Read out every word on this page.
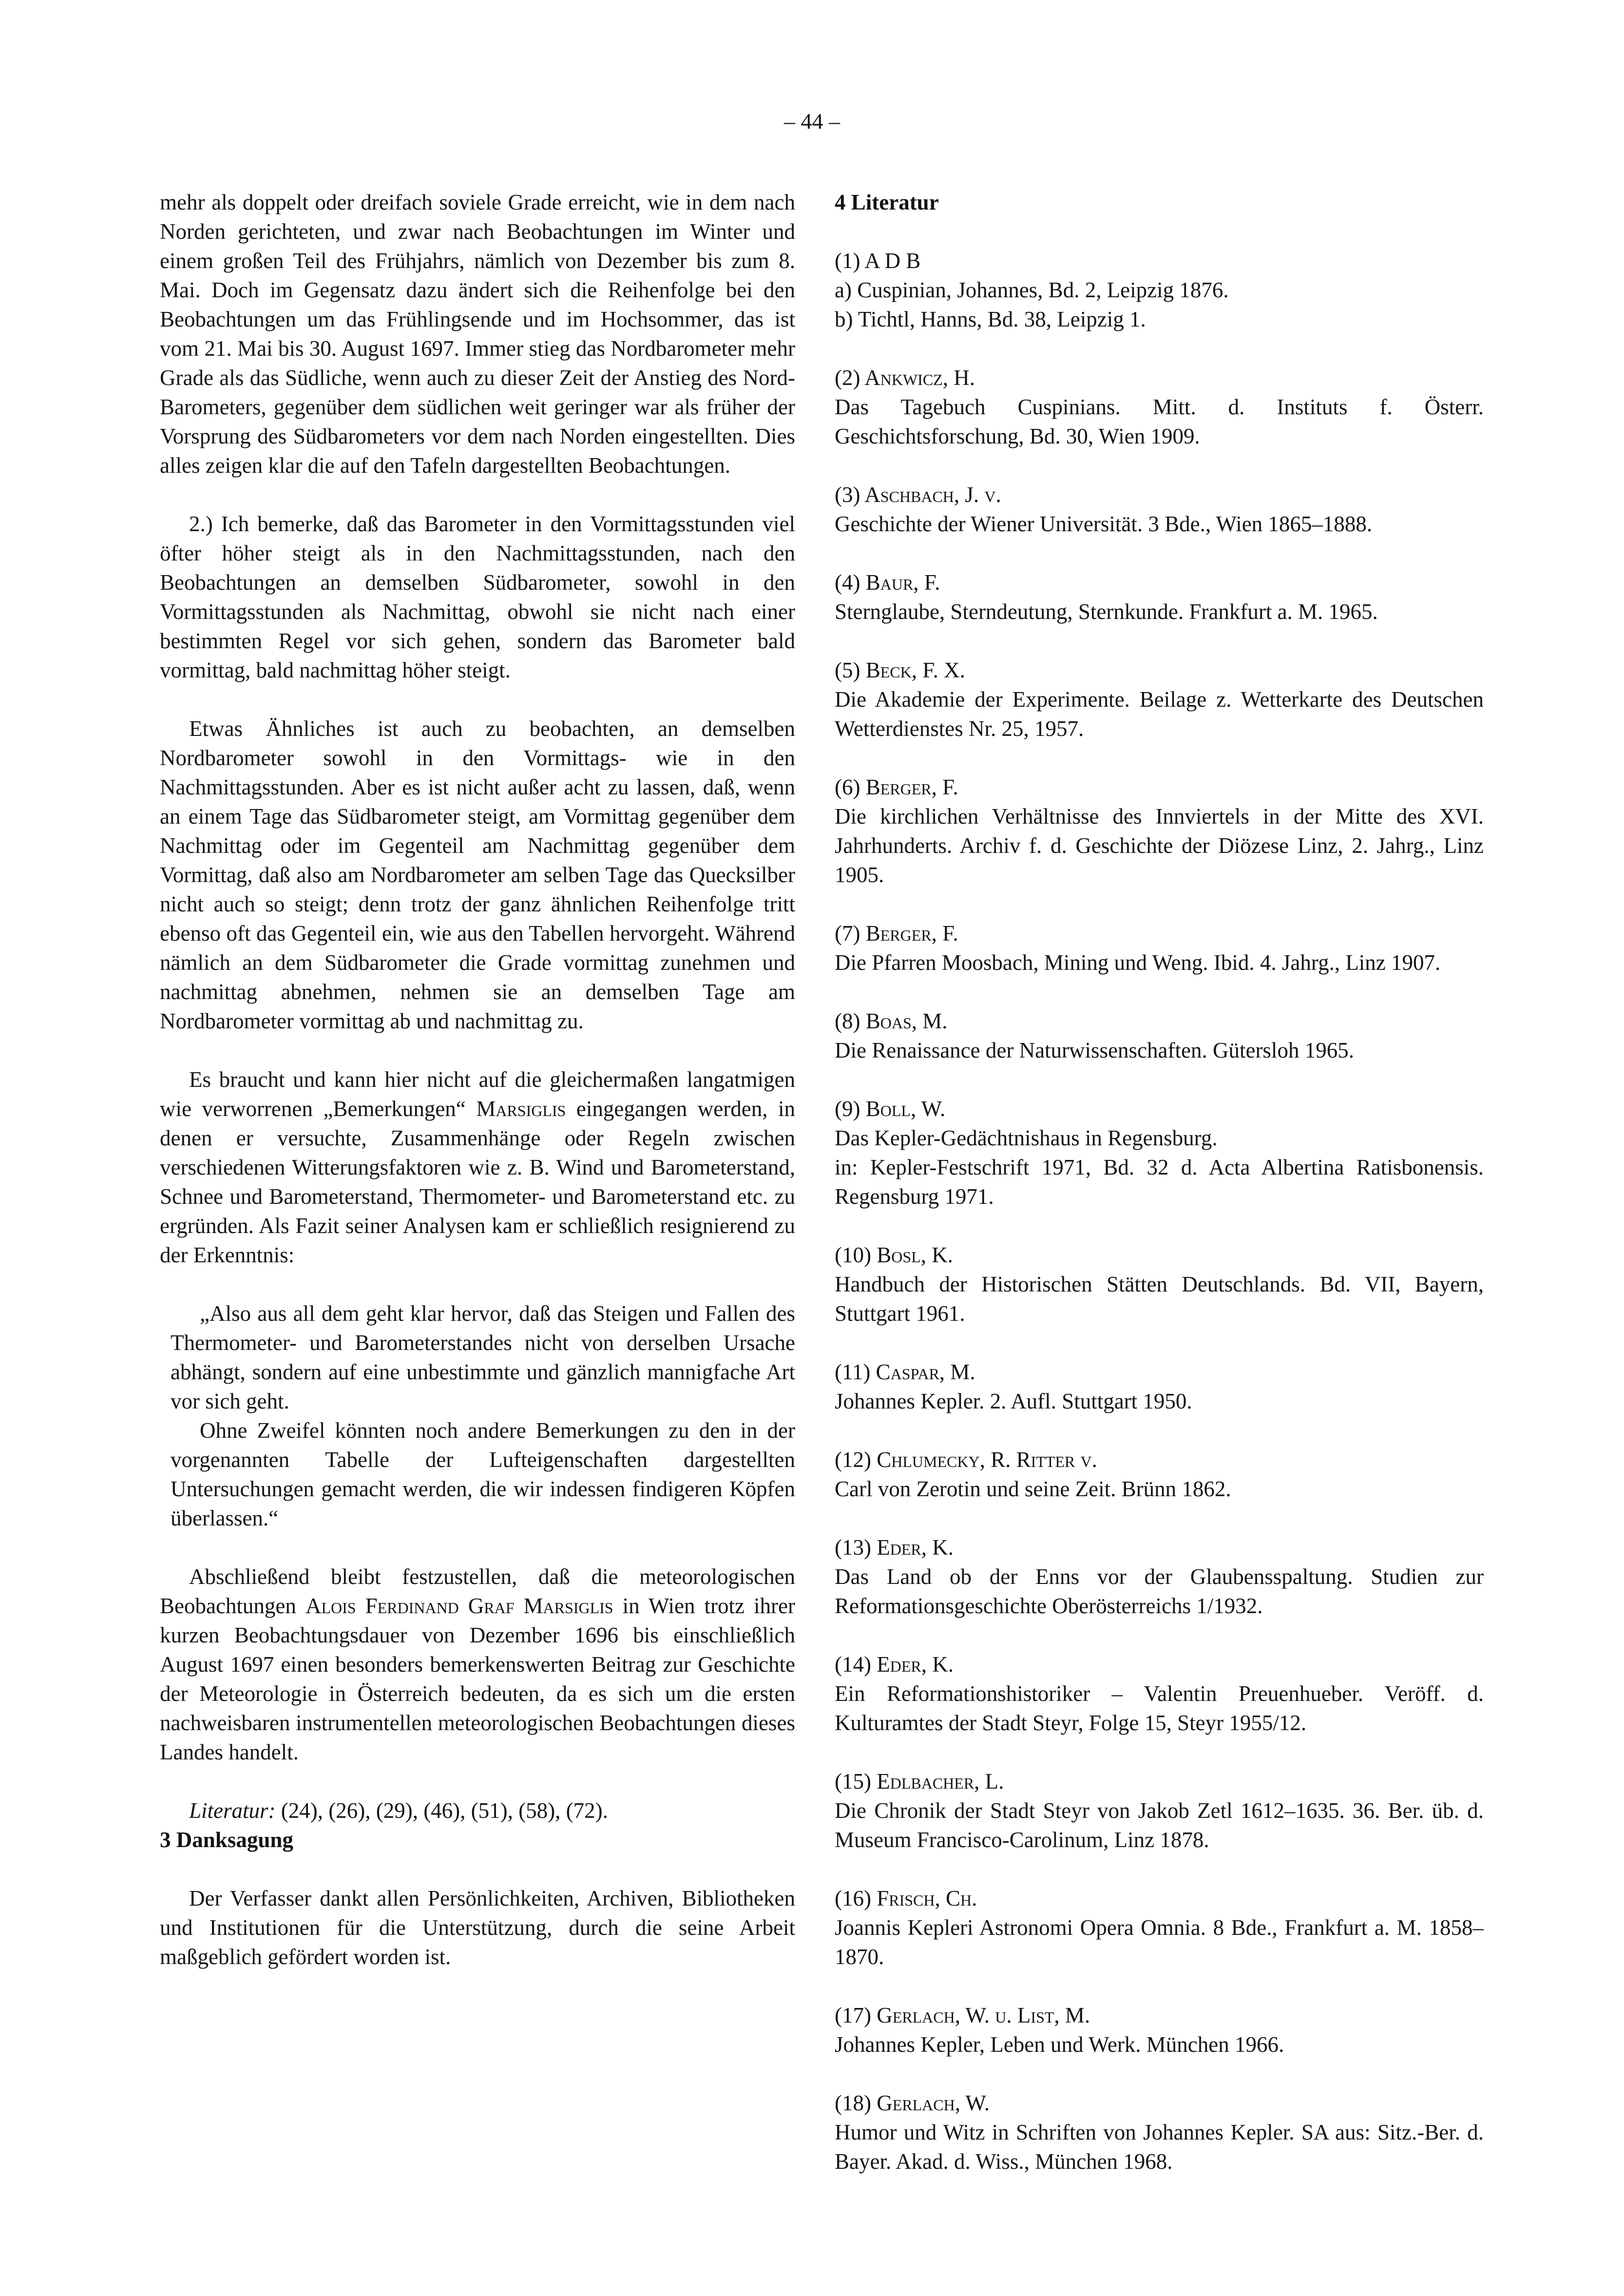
– 44 –

mehr als doppelt oder dreifach soviele Grade erreicht, wie in dem nach Norden gerichteten, und zwar nach Beobachtungen im Winter und einem großen Teil des Frühjahrs, nämlich von Dezember bis zum 8. Mai. Doch im Gegensatz dazu ändert sich die Reihenfolge bei den Beobachtungen um das Frühlingsende und im Hochsommer, das ist vom 21. Mai bis 30. August 1697. Immer stieg das Nordbarometer mehr Grade als das Südliche, wenn auch zu dieser Zeit der Anstieg des Nord-Barometers, gegenüber dem südlichen weit geringer war als früher der Vorsprung des Südbarometers vor dem nach Norden eingestellten. Dies alles zeigen klar die auf den Tafeln dargestellten Beobachtungen.

2.) Ich bemerke, daß das Barometer in den Vormittagsstunden viel öfter höher steigt als in den Nachmittagsstunden, nach den Beobachtungen an demselben Südbarometer, sowohl in den Vormittagsstunden als Nachmittag, obwohl sie nicht nach einer bestimmten Regel vor sich gehen, sondern das Barometer bald vormittag, bald nachmittag höher steigt.

Etwas Ähnliches ist auch zu beobachten, an demselben Nordbarometer sowohl in den Vormittags- wie in den Nachmittagsstunden. Aber es ist nicht außer acht zu lassen, daß, wenn an einem Tage das Südbarometer steigt, am Vormittag gegenüber dem Nachmittag oder im Gegenteil am Nachmittag gegenüber dem Vormittag, daß also am Nordbarometer am selben Tage das Quecksilber nicht auch so steigt; denn trotz der ganz ähnlichen Reihenfolge tritt ebenso oft das Gegenteil ein, wie aus den Tabellen hervorgeht. Während nämlich an dem Südbarometer die Grade vormittag zunehmen und nachmittag abnehmen, nehmen sie an demselben Tage am Nordbarometer vormittag ab und nachmittag zu.

Es braucht und kann hier nicht auf die gleichermaßen langatmigen wie verworrenen „Bemerkungen“ Marsiglis eingegangen werden, in denen er versuchte, Zusammenhänge oder Regeln zwischen verschiedenen Witterungsfaktoren wie z. B. Wind und Barometerstand, Schnee und Barometerstand, Thermometer- und Barometerstand etc. zu ergründen. Als Fazit seiner Analysen kam er schließlich resignierend zu der Erkenntnis:

„Also aus all dem geht klar hervor, daß das Steigen und Fallen des Thermometer- und Barometerstandes nicht von derselben Ursache abhängt, sondern auf eine unbestimmte und gänzlich mannigfache Art vor sich geht.

Ohne Zweifel könnten noch andere Bemerkungen zu den in der vorgenannten Tabelle der Lufteigenschaften dargestellten Untersuchungen gemacht werden, die wir indessen findigeren Köpfen überlassen.“

Abschließend bleibt festzustellen, daß die meteorologischen Beobachtungen Alois Ferdinand Graf Marsiglis in Wien trotz ihrer kurzen Beobachtungsdauer von Dezember 1696 bis einschließlich August 1697 einen besonders bemerkenswerten Beitrag zur Geschichte der Meteorologie in Österreich bedeuten, da es sich um die ersten nachweisbaren instrumentellen meteorologischen Beobachtungen dieses Landes handelt.

Literatur: (24), (26), (29), (46), (51), (58), (72).

3 Danksagung

Der Verfasser dankt allen Persönlichkeiten, Archiven, Bibliotheken und Institutionen für die Unterstützung, durch die seine Arbeit maßgeblich gefördert worden ist.

4 Literatur

(1) A D B

a) Cuspinian, Johannes, Bd. 2, Leipzig 1876.

b) Tichtl, Hanns, Bd. 38, Leipzig 1.

(2) Ankwicz, H.

Das Tagebuch Cuspinians. Mitt. d. Instituts f. Österr. Geschichtsforschung, Bd. 30, Wien 1909.

(3) Aschbach, J. v.

Geschichte der Wiener Universität. 3 Bde., Wien 1865–1888.

(4) Baur, F.

Sternglaube, Sterndeutung, Sternkunde. Frankfurt a. M. 1965.

(5) Beck, F. X.

Die Akademie der Experimente. Beilage z. Wetterkarte des Deutschen Wetterdienstes Nr. 25, 1957.

(6) Berger, F.

Die kirchlichen Verhältnisse des Innviertels in der Mitte des XVI. Jahrhunderts. Archiv f. d. Geschichte der Diözese Linz, 2. Jahrg., Linz 1905.

(7) Berger, F.

Die Pfarren Moosbach, Mining und Weng. Ibid. 4. Jahrg., Linz 1907.

(8) Boas, M.

Die Renaissance der Naturwissenschaften. Gütersloh 1965.

(9) Boll, W.

Das Kepler-Gedächtnishaus in Regensburg.

in: Kepler-Festschrift 1971, Bd. 32 d. Acta Albertina Ratisbonensis. Regensburg 1971.

(10) Bosl, K.

Handbuch der Historischen Stätten Deutschlands. Bd. VII, Bayern, Stuttgart 1961.

(11) Caspar, M.

Johannes Kepler. 2. Aufl. Stuttgart 1950.

(12) Chlumecky, R. Ritter v.

Carl von Zerotin und seine Zeit. Brünn 1862.

(13) Eder, K.

Das Land ob der Enns vor der Glaubensspaltung. Studien zur Reformationsgeschichte Oberösterreichs 1/1932.

(14) Eder, K.

Ein Reformationshistoriker – Valentin Preuenhueber. Veröff. d. Kulturamtes der Stadt Steyr, Folge 15, Steyr 1955/12.

(15) Edlbacher, L.

Die Chronik der Stadt Steyr von Jakob Zetl 1612–1635. 36. Ber. üb. d. Museum Francisco-Carolinum, Linz 1878.

(16) Frisch, Ch.

Joannis Kepleri Astronomi Opera Omnia. 8 Bde., Frankfurt a. M. 1858–1870.

(17) Gerlach, W. u. List, M.

Johannes Kepler, Leben und Werk. München 1966.

(18) Gerlach, W.

Humor und Witz in Schriften von Johannes Kepler. SA aus: Sitz.-Ber. d. Bayer. Akad. d. Wiss., München 1968.
